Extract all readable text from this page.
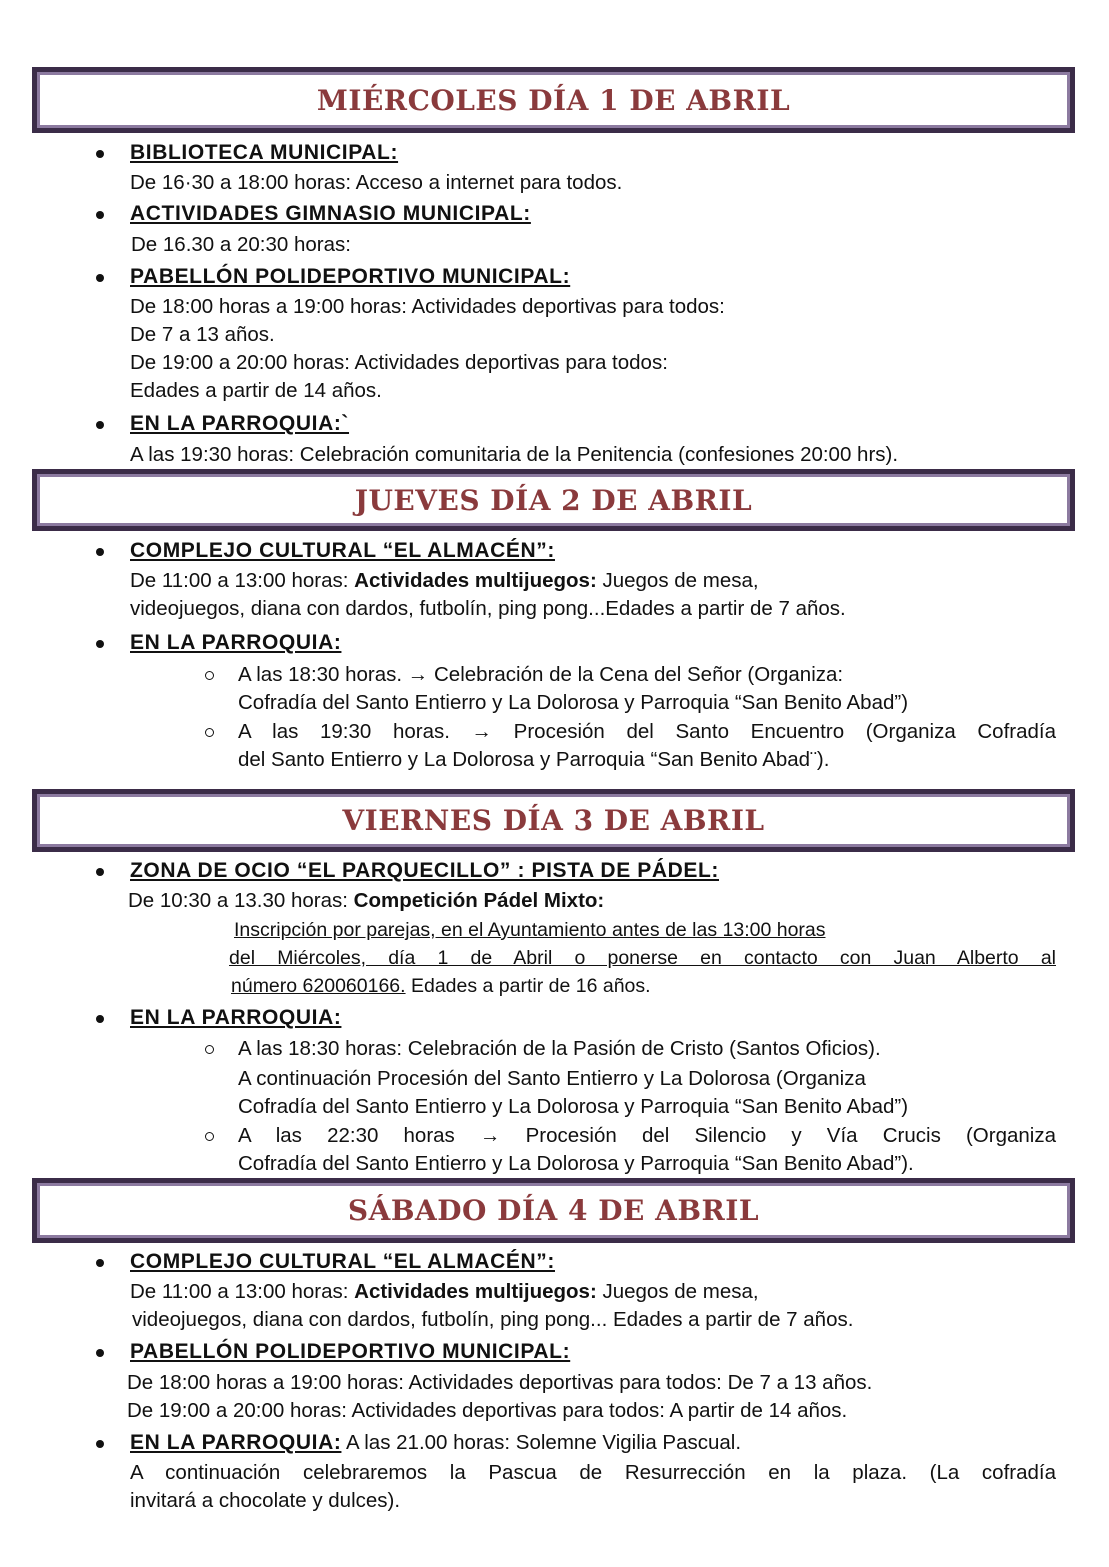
MIÉRCOLES DÍA 1 DE ABRIL
BIBLIOTECA MUNICIPAL:
De 16·30 a 18:00 horas: Acceso a internet para todos.
ACTIVIDADES GIMNASIO MUNICIPAL:
De 16.30 a 20:30 horas:
PABELLÓN POLIDEPORTIVO MUNICIPAL:
De 18:00 horas a 19:00 horas: Actividades deportivas para todos:
De 7 a 13 años.
De 19:00 a 20:00 horas: Actividades deportivas para todos:
Edades a partir de 14 años.
EN LA PARROQUIA:`
A las 19:30 horas: Celebración comunitaria de la Penitencia (confesiones 20:00 hrs).
JUEVES DÍA 2 DE ABRIL
COMPLEJO CULTURAL “EL ALMACÉN”:
De 11:00 a 13:00 horas: Actividades multijuegos: Juegos de mesa,
videojuegos, diana con dardos, futbolín, ping pong...Edades a partir de 7 años.
EN LA PARROQUIA:
A las 18:30 horas. → Celebración de la Cena del Señor (Organiza:
Cofradía del Santo Entierro y La Dolorosa y Parroquia “San Benito Abad”)
A las 19:30 horas. → Procesión del Santo Encuentro (Organiza Cofradía
del Santo Entierro y La Dolorosa y Parroquia “San Benito Abad¨).
VIERNES DÍA 3 DE ABRIL
ZONA DE OCIO “EL PARQUECILLO” : PISTA DE PÁDEL:
De 10:30 a 13.30 horas: Competición Pádel Mixto:
Inscripción por parejas, en el Ayuntamiento antes de las 13:00 horas
del Miércoles, día 1 de Abril o ponerse en contacto con Juan Alberto al
número 620060166. Edades a partir de 16 años.
EN LA PARROQUIA:
A las 18:30 horas: Celebración de la Pasión de Cristo (Santos Oficios).
A continuación Procesión del Santo Entierro y La Dolorosa (Organiza
Cofradía del Santo Entierro y La Dolorosa y Parroquia “San Benito Abad”)
A las 22:30 horas → Procesión del Silencio y Vía Crucis (Organiza
Cofradía del Santo Entierro y La Dolorosa y Parroquia “San Benito Abad”).
SÁBADO DÍA 4 DE ABRIL
COMPLEJO CULTURAL “EL ALMACÉN”:
De 11:00 a 13:00 horas: Actividades multijuegos: Juegos de mesa,
videojuegos, diana con dardos, futbolín, ping pong... Edades a partir de 7 años.
PABELLÓN POLIDEPORTIVO MUNICIPAL:
De 18:00 horas a 19:00 horas: Actividades deportivas para todos: De 7 a 13 años.
De 19:00 a 20:00 horas: Actividades deportivas para todos: A partir de 14 años.
EN LA PARROQUIA: A las 21.00 horas: Solemne Vigilia Pascual.
A continuación celebraremos la Pascua de Resurrección en la plaza. (La cofradía
invitará a chocolate y dulces).
